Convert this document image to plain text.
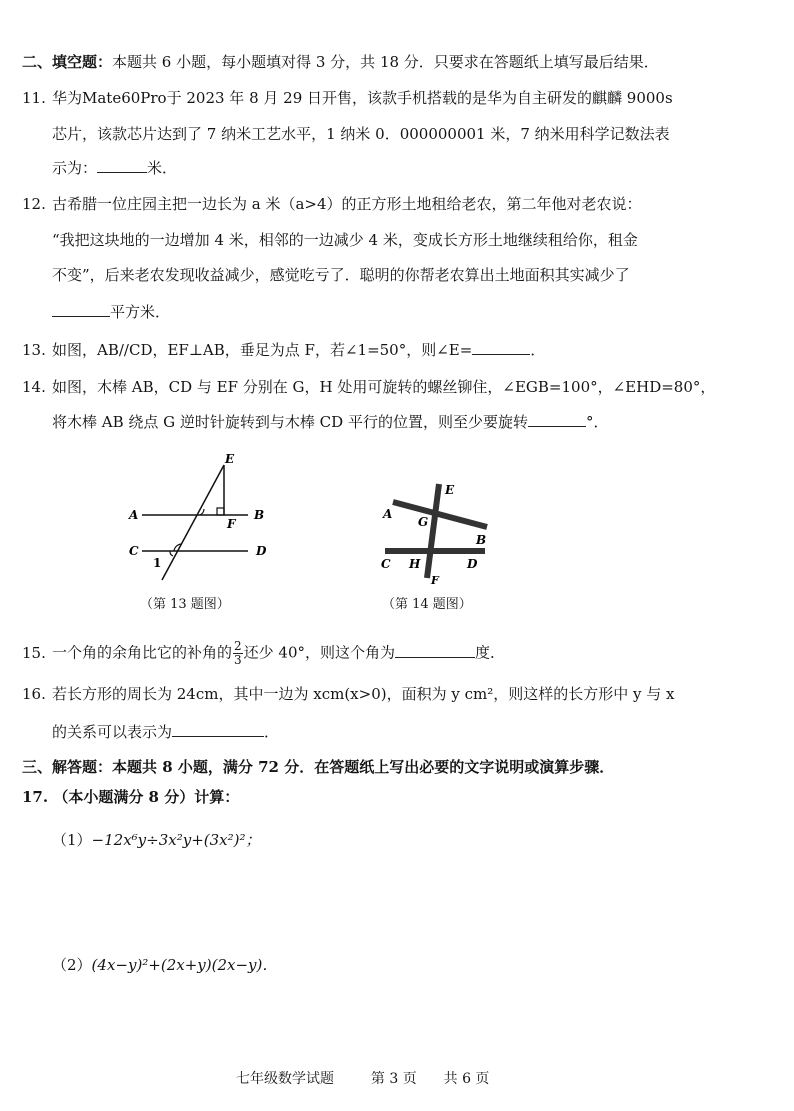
二、填空题：本题共 6 小题，每小题填对得 3 分，共 18 分．只要求在答题纸上填写最后结果．
11. 华为Mate60Pro于 2023 年 8 月 29 日开售，该款手机搭载的是华为自主研发的麒麟 9000s
芯片，该款芯片达到了 7 纳米工艺水平，1 纳米 0．000000001 米，7 纳米用科学记数法表
示为：	米．
12. 古希腊一位庄园主把一边长为 a 米（a>4）的正方形土地租给老农，第二年他对老农说：
“我把这块地的一边增加 4 米，相邻的一边减少 4 米，变成长方形土地继续租给你，租金
不变”，后来老农发现收益减少，感觉吃亏了．聪明的你帮老农算出土地面积其实减少了
平方米．
13. 如图，AB//CD，EF⊥AB，垂足为点 F，若∠1=50°，则∠E=	．
14. 如图，木棒 AB，CD 与 EF 分别在 G，H 处用可旋转的螺丝铆住，∠EGB=100°，∠EHD=80°，
将木棒 AB 绕点 G 逆时针旋转到与木棒 CD 平行的位置，则至少要旋转	°．
E
A
F
B
C	D
1
（第 13 题图）
E
A
G
B
C H	D
F
（第 14 题图）
15. 一个角的余角比它的补角的 $\frac{2}{3}$ 还少 40°，则这个角为	度．
16. 若长方形的周长为 24cm，其中一边为 xcm(x>0)，面积为 y cm²，则这样的长方形中 y 与 x
的关系可以表示为	．
三、解答题：本题共 8 小题，满分 72 分．在答题纸上写出必要的文字说明或演算步骤．
17. （本小题满分 8 分）计算：
（1）−12x⁶y÷3x²y+(3x²)²；
（2）(4x−y)²+(2x+y)(2x−y)．
七年级数学试题	第 3 页 共 6 页
